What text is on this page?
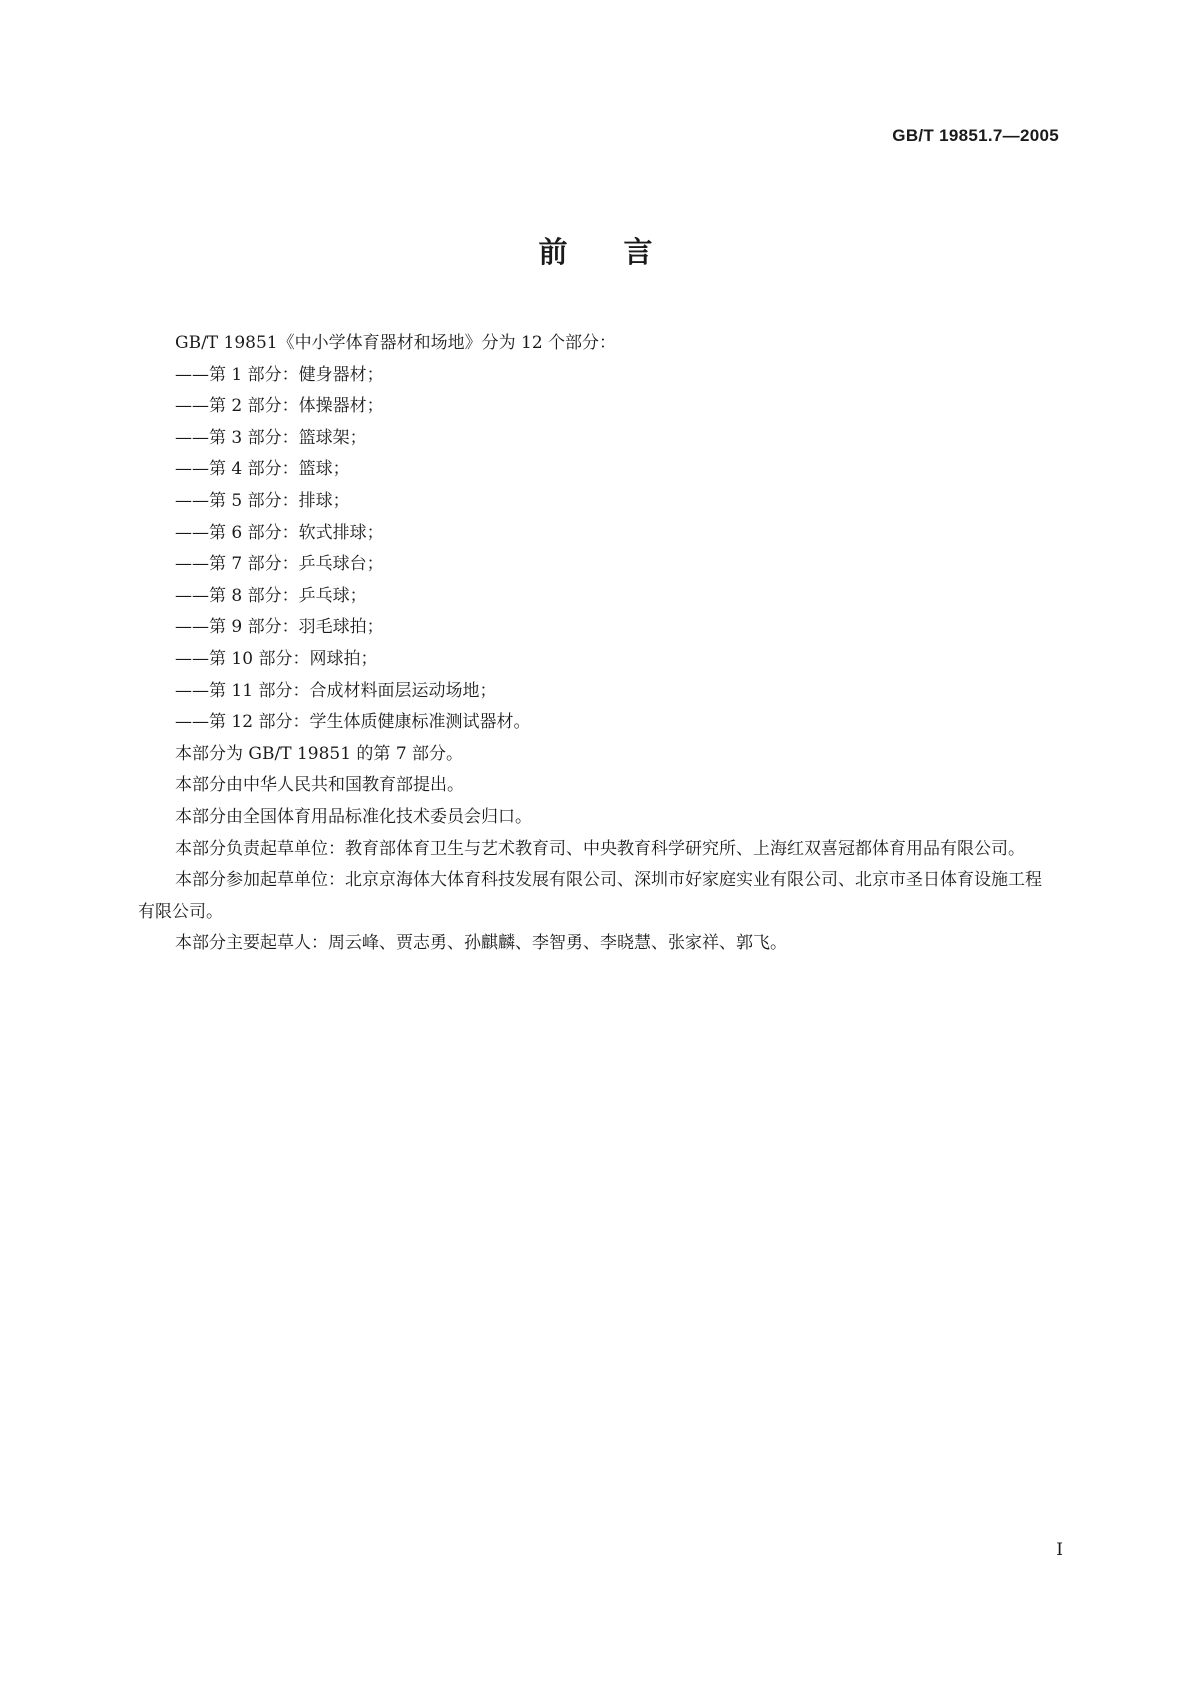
GB/T 19851.7—2005
前言

GB/T 19851《中小学体育器材和场地》分为 12 个部分：

——第 1 部分：健身器材；

——第 2 部分：体操器材；

——第 3 部分：篮球架；

——第 4 部分：篮球；

——第 5 部分：排球；

——第 6 部分：软式排球；

——第 7 部分：乒乓球台；

——第 8 部分：乒乓球；

——第 9 部分：羽毛球拍；

——第 10 部分：网球拍；

——第 11 部分：合成材料面层运动场地；

——第 12 部分：学生体质健康标准测试器材。

本部分为 GB/T 19851 的第 7 部分。

本部分由中华人民共和国教育部提出。

本部分由全国体育用品标准化技术委员会归口。

本部分负责起草单位：教育部体育卫生与艺术教育司、中央教育科学研究所、上海红双喜冠都体育用品有限公司。

本部分参加起草单位：北京京海体大体育科技发展有限公司、深圳市好家庭实业有限公司、北京市圣日体育设施工程有限公司。

本部分主要起草人：周云峰、贾志勇、孙麒麟、李智勇、李晓慧、张家祥、郭飞。

I
